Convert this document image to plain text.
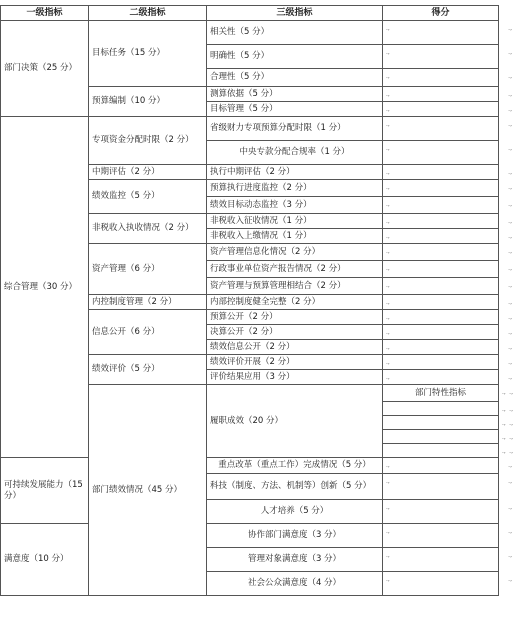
一级指标	二级指标	三级指标	得分	
部门决策（25 分）	目标任务（15 分）	相关性（5 分）	., .,	

		明确性（5 分）	., .,	

		合理性（5 分）	., .,	

	预算编制（10 分）	测算依据（5 分）	., .,	

		目标管理（5 分）	., .,	

综合管理（30 分）	专项资金分配时限（2 分）	省级财力专项预算分配时限（1 分）	., .,	

		中央专款分配合规率（1 分）	., .,	

	中期评估（2 分）	执行中期评估（2 分）	., .,	

	绩效监控（5 分）	预算执行进度监控（2 分）	., .,	

		绩效目标动态监控（3 分）	., .,	

	非税收入执收情况（2 分）	非税收入征收情况（1 分）	., .,	

		非税收入上缴情况（1 分）	., .,	

	资产管理（6 分）	资产管理信息化情况（2 分）	., .,	

		行政事业单位资产报告情况（2 分）	., .,	

		资产管理与预算管理相结合（2 分）	., .,	

	内控制度管理（2 分）	内部控制度健全完整（2 分）	., .,	

	信息公开（6 分）	预算公开（2 分）	., .,	

		决算公开（2 分）	., .,	

		绩效信息公开（2 分）	., .,	

	绩效评价（5 分）	绩效评价开展（2 分）	., .,	

		评价结果应用（3 分）	., .,	

	部门绩效情况（45 分）	履职成效（20 分）	部门特性指标	., .,

				., .,

				., .,

				., .,

				., .,

可持续发展能力（15 分）		重点改革（重点工作）完成情况（5 分）	., .,	

		科技（制度、方法、机制等）创新（5 分）	., .,	

		人才培养（5 分）	., .,	

满意度（10 分）		协作部门满意度（3 分）	., .,	

		管理对象满意度（3 分）	., .,	

		社会公众满意度（4 分）	., .,	
